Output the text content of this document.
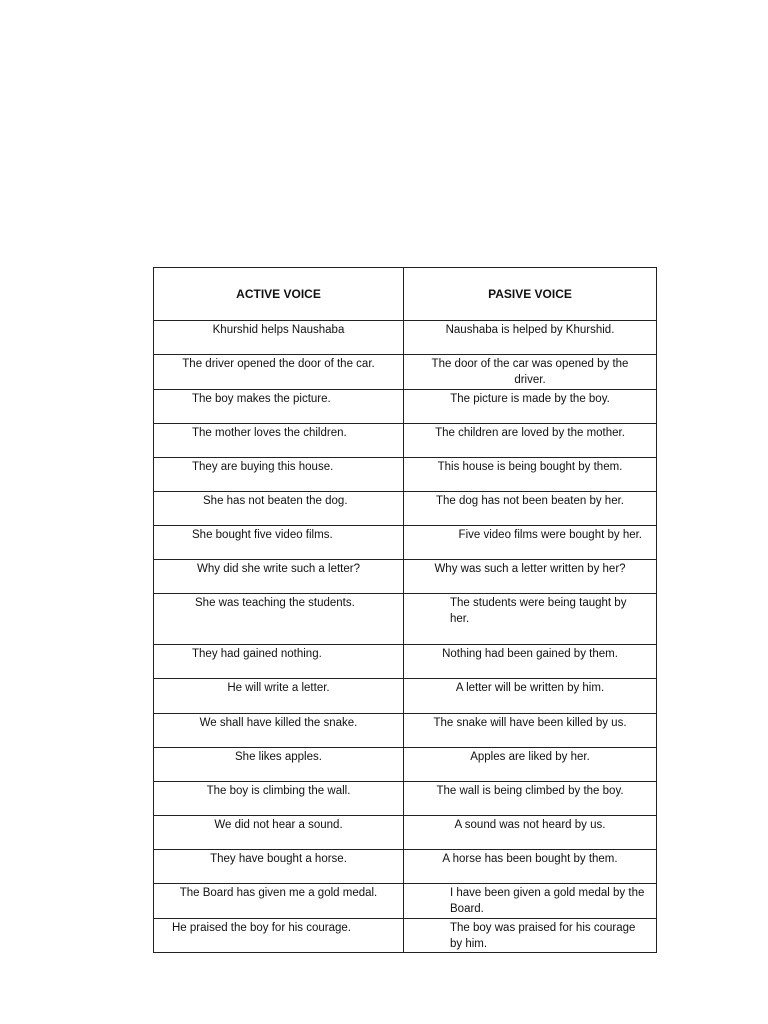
ACTIVE VOICE	PASIVE VOICE

Khurshid helps Naushaba	Naushaba is helped by Khurshid.

The driver opened the door of the car.	The door of the car was opened by the driver.

The boy makes the picture.	The picture is made by the boy.

The mother loves the children.	The children are loved by the mother.

They are buying this house.	This house is being bought by them.

She has not beaten the dog.	The dog has not been beaten by her.

She bought five video films.	Five video films were bought by her.

Why did she write such a letter?	Why was such a letter written by her?

She was teaching the students.	The students were being taught by her.

They had gained nothing.	Nothing had been gained by them.

He will write a letter.	A letter will be written by him.

We shall have killed the snake.	The snake will have been killed by us.

She likes apples.	Apples are liked by her.

The boy is climbing the wall.	The wall is being climbed by the boy.

We did not hear a sound.	A sound was not heard by us.

They have bought a horse.	A horse has been bought by them.

The Board has given me a gold medal.	I have been given a gold medal by the Board.

He praised the boy for his courage.	The boy was praised for his courage by him.
